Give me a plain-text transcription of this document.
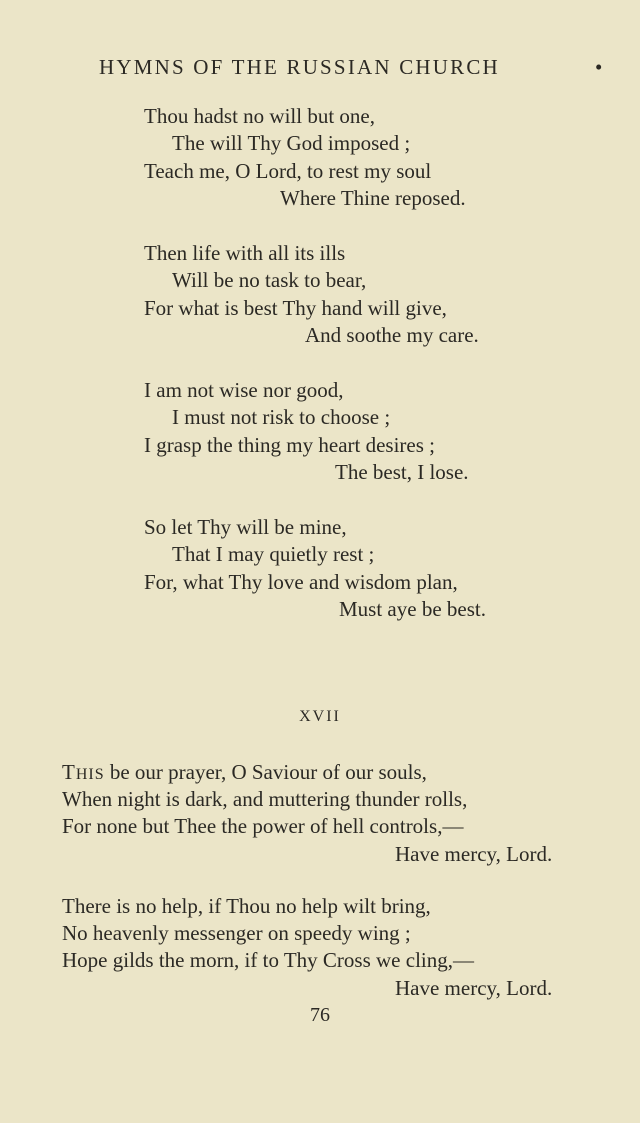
HYMNS OF THE RUSSIAN CHURCH	•
Thou hadst no will but one,
The will Thy God imposed ;
Teach me, O Lord, to rest my soul
Where Thine reposed.
Then life with all its ills
Will be no task to bear,
For what is best Thy hand will give,
And soothe my care.
I am not wise nor good,
I must not risk to choose ;
I grasp the thing my heart desires ;
The best, I lose.
So let Thy will be mine,
That I may quietly rest ;
For, what Thy love and wisdom plan,
Must aye be best.
XVII
THIS be our prayer, O Saviour of our souls,
When night is dark, and muttering thunder rolls,
For none but Thee the power of hell controls,—
Have mercy, Lord.
There is no help, if Thou no help wilt bring,
No heavenly messenger on speedy wing ;
Hope gilds the morn, if to Thy Cross we cling,—
Have mercy, Lord.
76
